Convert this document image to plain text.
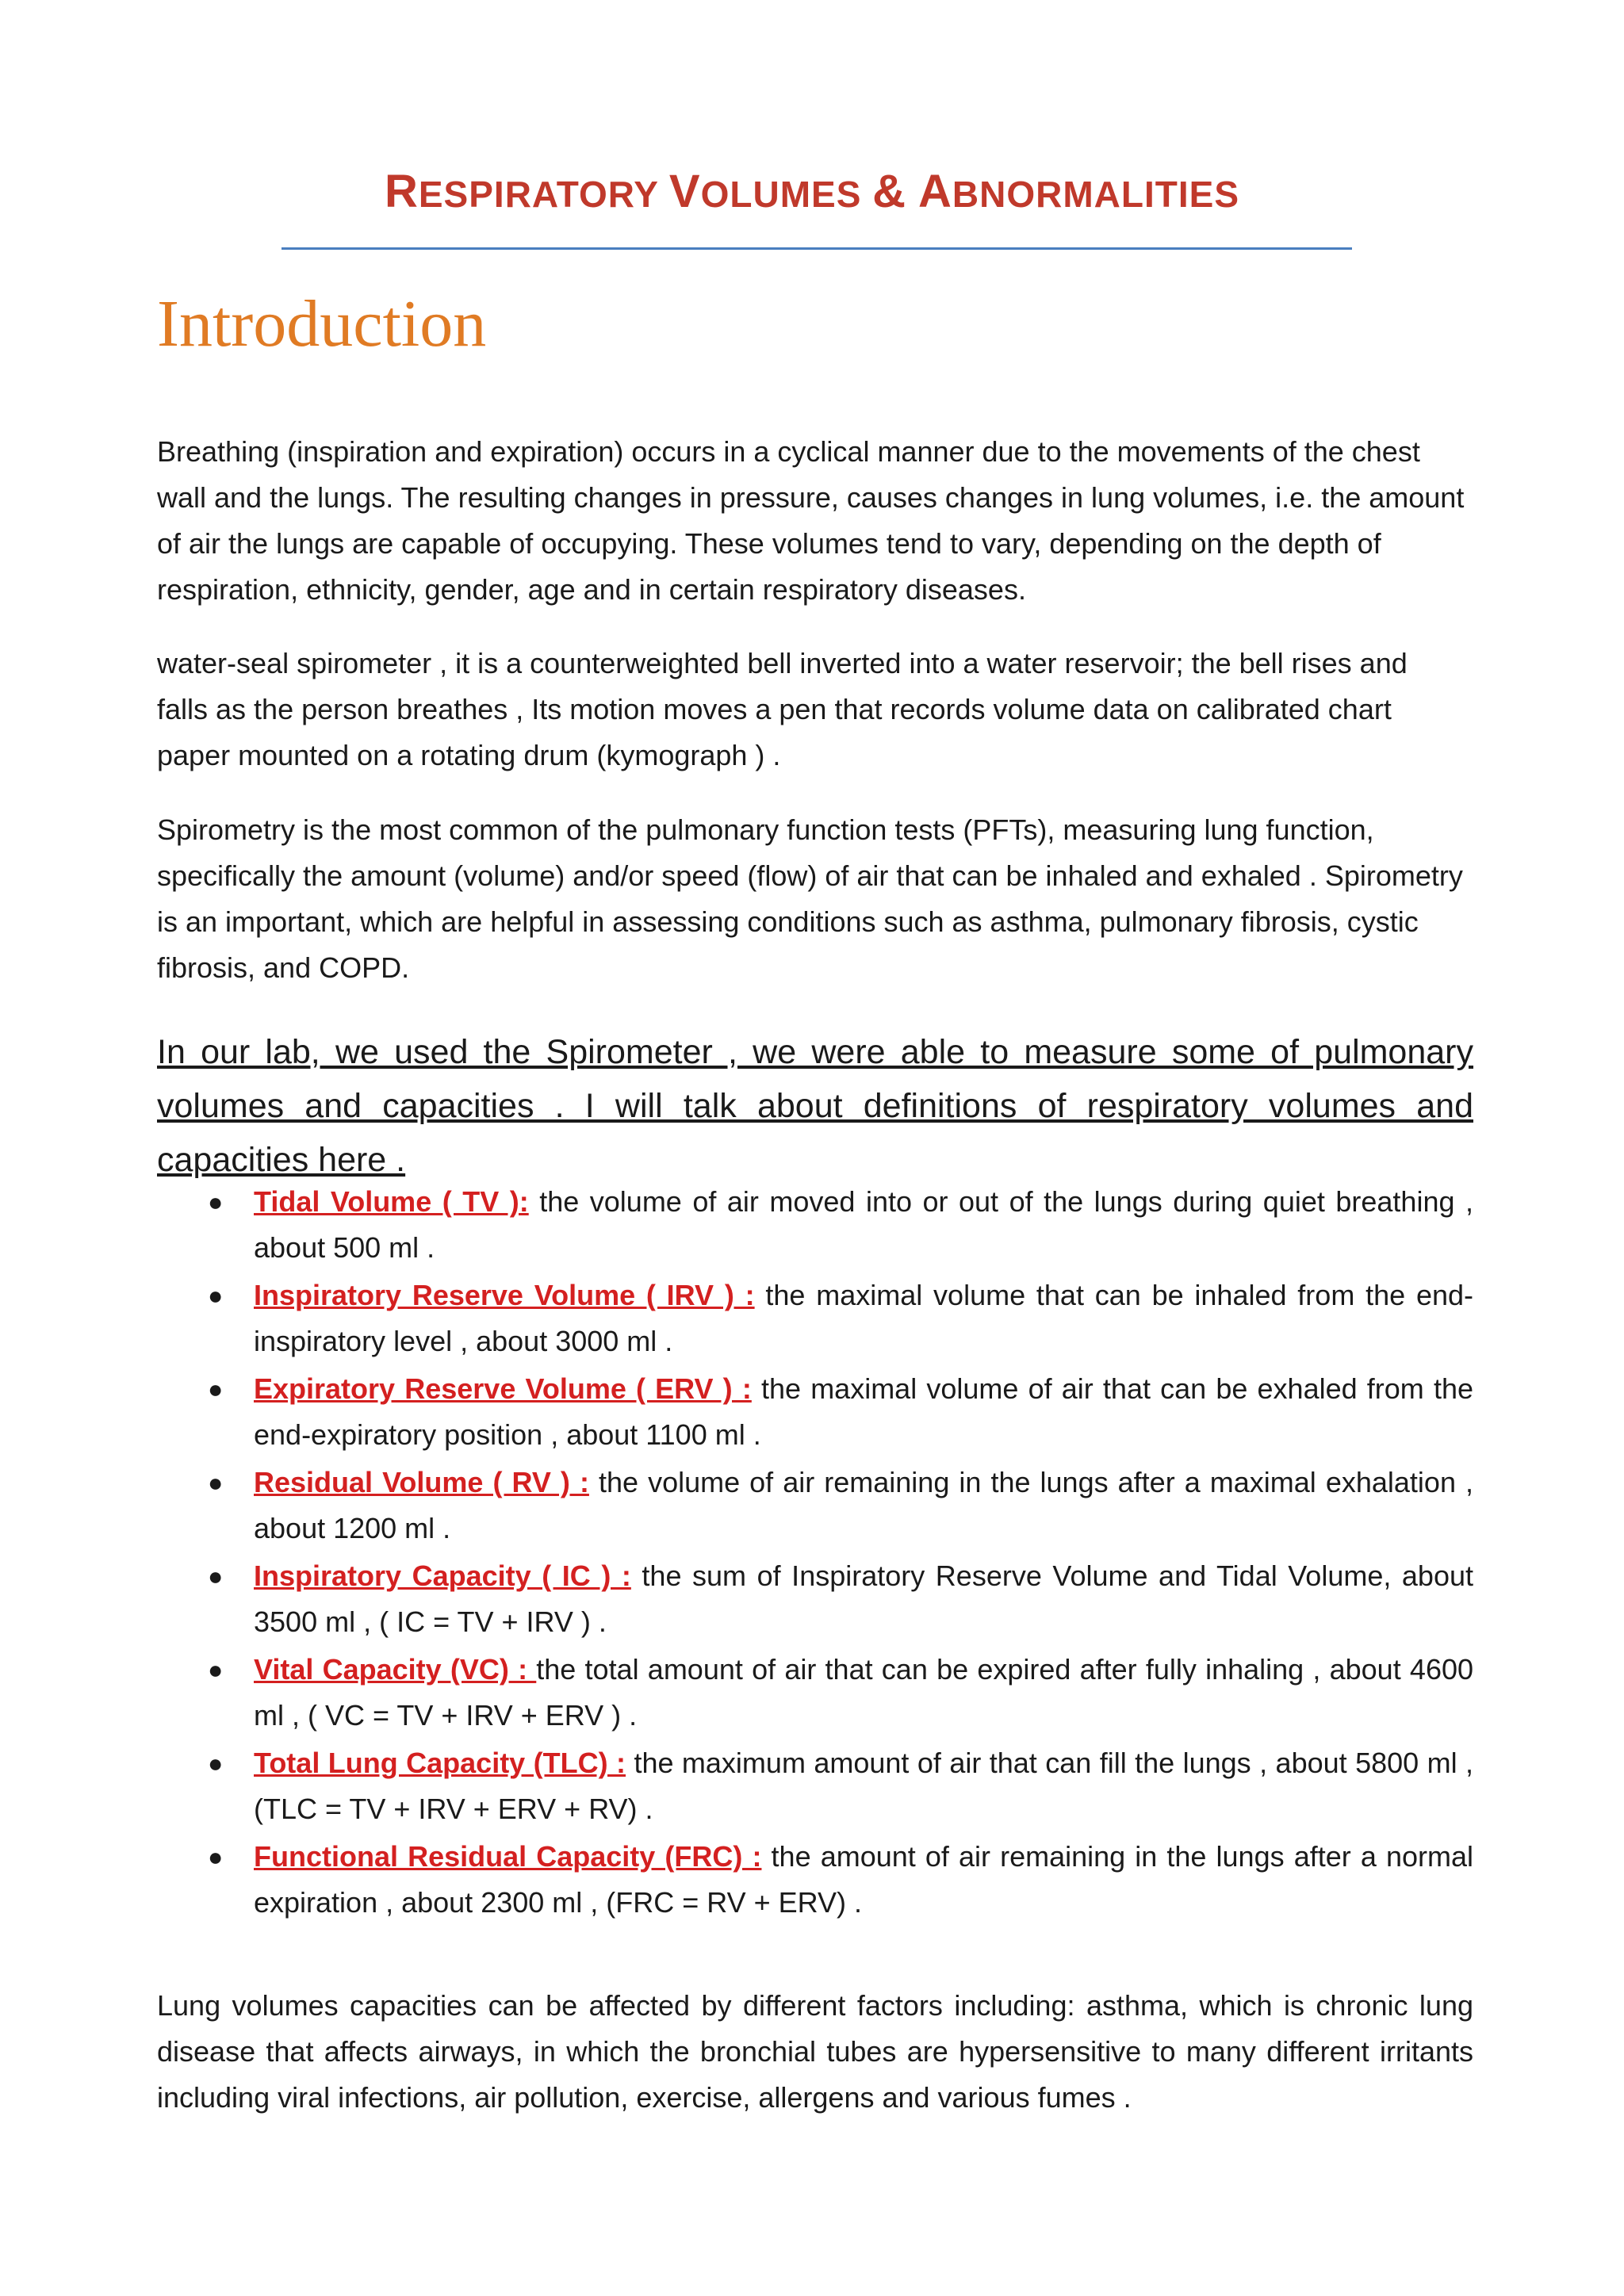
RESPIRATORY VOLUMES & ABNORMALITIES
Introduction

Breathing (inspiration and expiration) occurs in a cyclical manner due to the movements of the chest wall and the lungs. The resulting changes in pressure, causes changes in lung volumes, i.e. the amount of air the lungs are capable of occupying. These volumes tend to vary, depending on the depth of respiration, ethnicity, gender, age and in certain respiratory diseases.

water-seal spirometer , it is a counterweighted bell inverted into a water reservoir; the bell rises and falls as the person breathes , Its motion moves a pen that records volume data on calibrated chart paper mounted on a rotating drum (kymograph ) .

Spirometry is the most common of the pulmonary function tests (PFTs), measuring lung function, specifically the amount (volume) and/or speed (flow) of air that can be inhaled and exhaled . Spirometry is an important, which are helpful in assessing conditions such as asthma, pulmonary fibrosis, cystic fibrosis, and COPD.

In our lab, we used the Spirometer , we were able to measure some of pulmonary volumes and capacities . I will talk about definitions of respiratory volumes and capacities here .

● Tidal Volume ( TV ): the volume of air moved into or out of the lungs during quiet breathing , about 500 ml .
● Inspiratory Reserve Volume ( IRV ) : the maximal volume that can be inhaled from the end-inspiratory level , about 3000 ml .
● Expiratory Reserve Volume ( ERV ) : the maximal volume of air that can be exhaled from the end-expiratory position , about 1100 ml .
● Residual Volume ( RV ) : the volume of air remaining in the lungs after a maximal exhalation , about 1200 ml .
● Inspiratory Capacity ( IC ) : the sum of Inspiratory Reserve Volume and Tidal Volume, about 3500 ml , ( IC = TV + IRV ) .
● Vital Capacity (VC) : the total amount of air that can be expired after fully inhaling , about 4600 ml , ( VC = TV + IRV + ERV ) .
● Total Lung Capacity (TLC) : the maximum amount of air that can fill the lungs , about 5800 ml , (TLC = TV + IRV + ERV + RV) .
● Functional Residual Capacity (FRC) : the amount of air remaining in the lungs after a normal expiration , about 2300 ml , (FRC = RV + ERV) .

Lung volumes capacities can be affected by different factors including: asthma, which is chronic lung disease that affects airways, in which the bronchial tubes are hypersensitive to many different irritants including viral infections, air pollution, exercise, allergens and various fumes .
